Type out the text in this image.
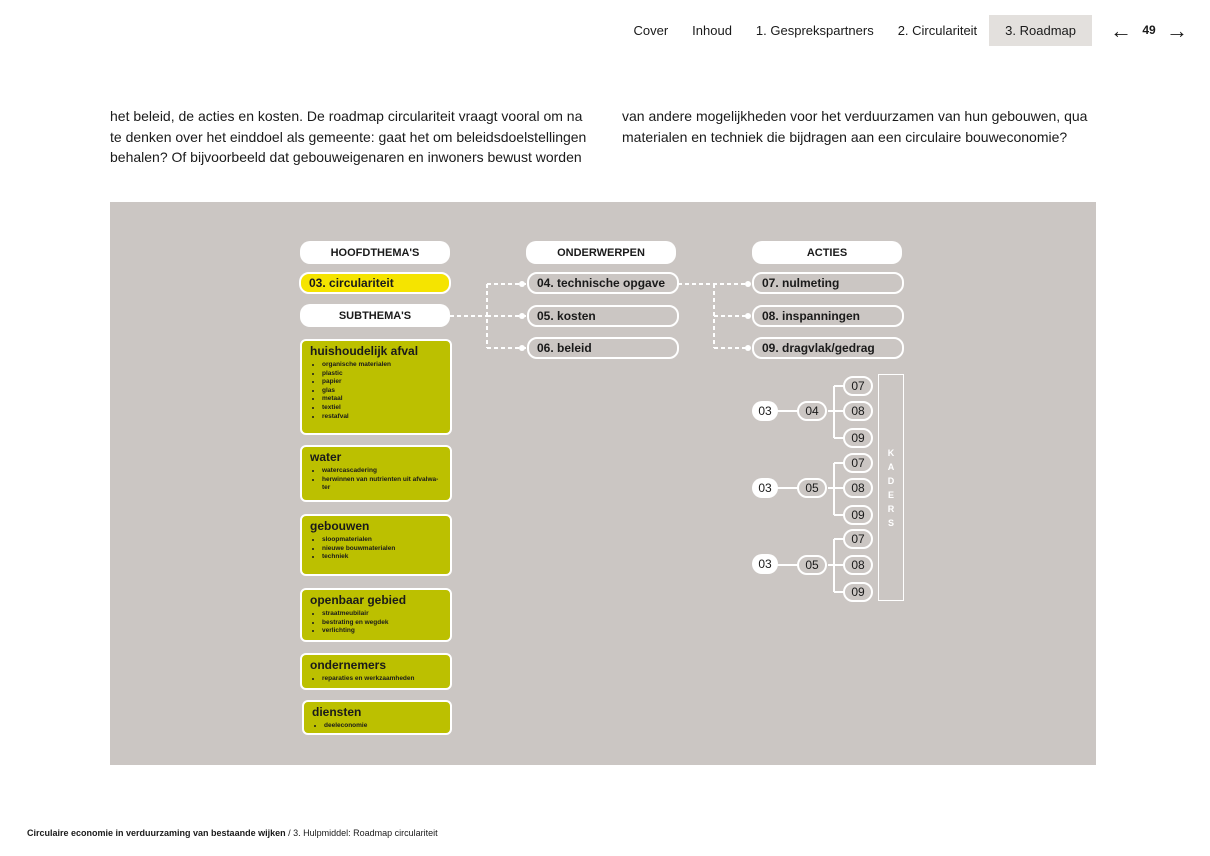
Cover	Inhoud	1. Gesprekspartners	2. Circulariteit	3. Roadmap	← 49 →
het beleid, de acties en kosten. De roadmap circulariteit vraagt vooral om na te denken over het einddoel als gemeente: gaat het om beleidsdoelstellingen behalen? Of bijvoorbeeld dat gebouweigenaren en inwoners bewust worden
van andere mogelijkheden voor het verduurzamen van hun gebouwen, qua materialen en techniek die bijdragen aan een circulaire bouweconomie?
HOOFDTHEMA'S
SUBTHEMA'S
ONDERWERPEN	ACTIES
03. circulariteit	04. technische opgave
05. kosten
06. beleid
07. nulmeting
08. inspanningen
09. dragvlak/gedrag
huishoudelijk afval
• organische materialen
• plastic
• papier
• glas
• metaal
• textiel
• restafval
water
• watercascadering
• herwinnen van nutrienten uit afvalwa-ter
gebouwen
• sloopmaterialen
• nieuwe bouwmaterialen
• techniek
openbaar gebied
• straatmeubilair
• bestrating en wegdek
• verlichting
ondernemers
• reparaties en werkzaamheden
diensten
• deeleconomie
03	04
07
08
09
03	05
07
08
09
03	05
07
08
09
K
A
D
E
R
S
Circulaire economie in verduurzaming van bestaande wijken / 3. Hulpmiddel: Roadmap circulariteit
